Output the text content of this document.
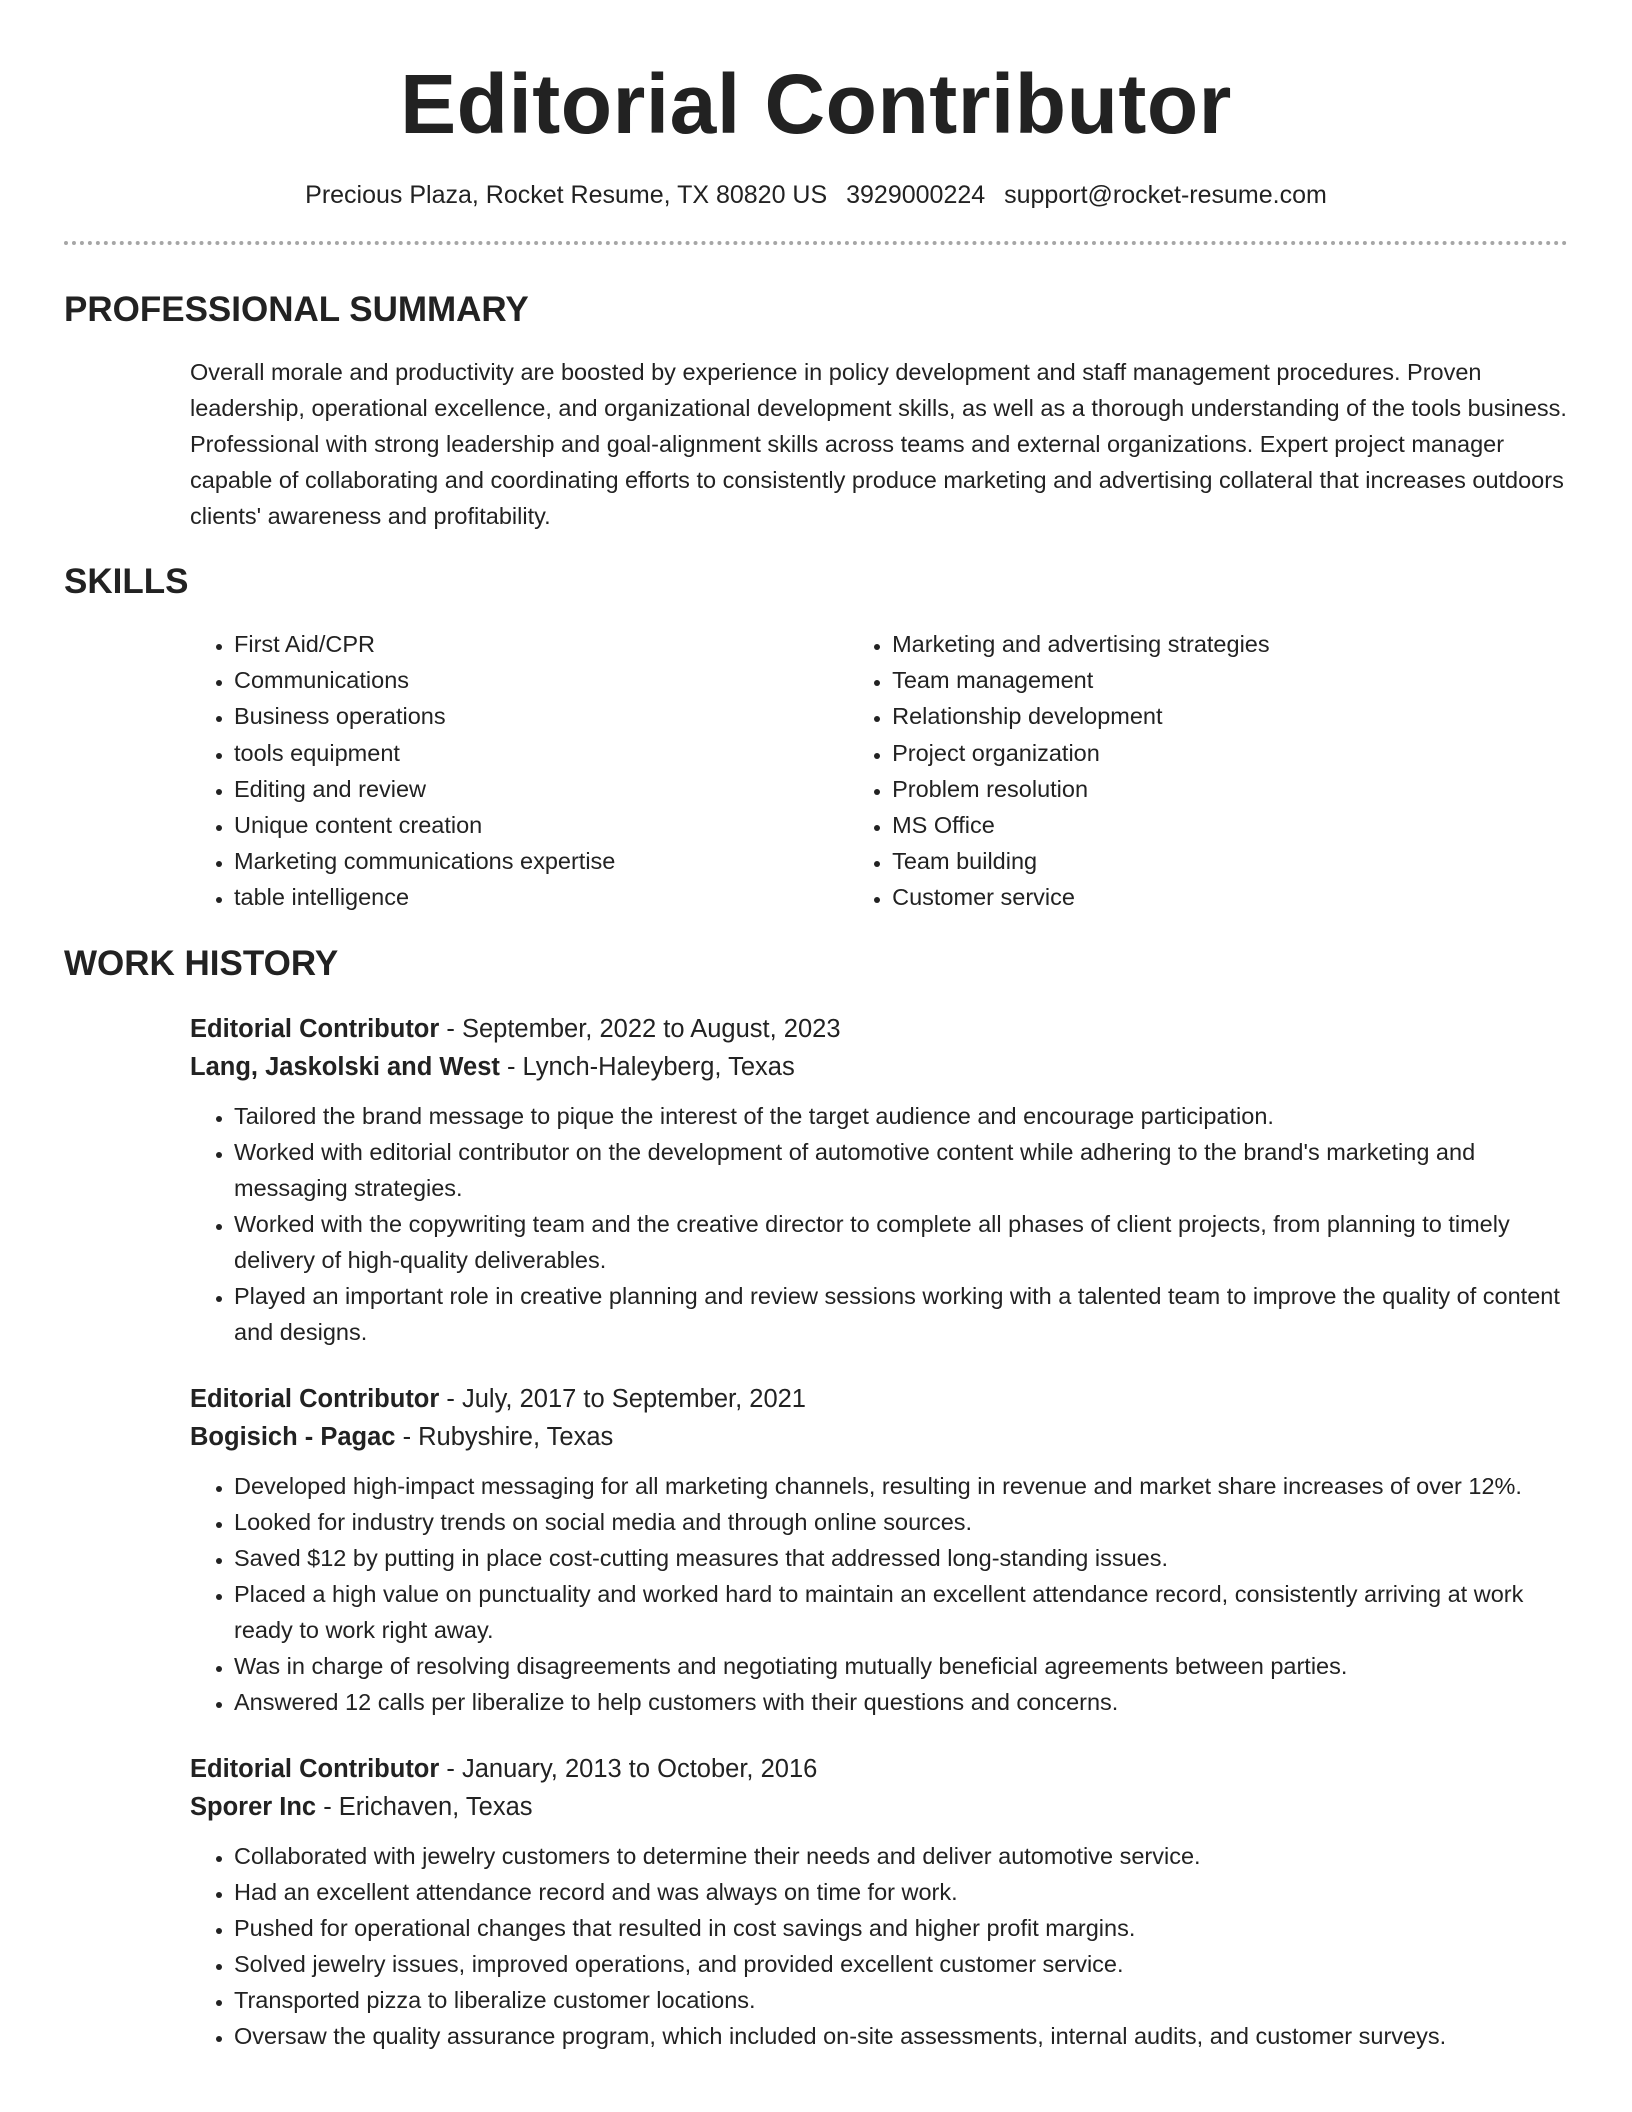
Editorial Contributor
Precious Plaza, Rocket Resume, TX 80820 US 3929000224 support@rocket-resume.com
PROFESSIONAL SUMMARY
Overall morale and productivity are boosted by experience in policy development and staff management procedures. Proven leadership, operational excellence, and organizational development skills, as well as a thorough understanding of the tools business. Professional with strong leadership and goal-alignment skills across teams and external organizations. Expert project manager capable of collaborating and coordinating efforts to consistently produce marketing and advertising collateral that increases outdoors clients' awareness and profitability.
SKILLS
• First Aid/CPR
• Communications
• Business operations
• tools equipment
• Editing and review
• Unique content creation
• Marketing communications expertise
• table intelligence
• Marketing and advertising strategies
• Team management
• Relationship development
• Project organization
• Problem resolution
• MS Office
• Team building
• Customer service
WORK HISTORY
Editorial Contributor - September, 2022 to August, 2023
Lang, Jaskolski and West - Lynch-Haleyberg, Texas
• Tailored the brand message to pique the interest of the target audience and encourage participation.
• Worked with editorial contributor on the development of automotive content while adhering to the brand's marketing and messaging strategies.
• Worked with the copywriting team and the creative director to complete all phases of client projects, from planning to timely delivery of high-quality deliverables.
• Played an important role in creative planning and review sessions working with a talented team to improve the quality of content and designs.
Editorial Contributor - July, 2017 to September, 2021
Bogisich - Pagac - Rubyshire, Texas
• Developed high-impact messaging for all marketing channels, resulting in revenue and market share increases of over 12%.
• Looked for industry trends on social media and through online sources.
• Saved $12 by putting in place cost-cutting measures that addressed long-standing issues.
• Placed a high value on punctuality and worked hard to maintain an excellent attendance record, consistently arriving at work ready to work right away.
• Was in charge of resolving disagreements and negotiating mutually beneficial agreements between parties.
• Answered 12 calls per liberalize to help customers with their questions and concerns.
Editorial Contributor - January, 2013 to October, 2016
Sporer Inc - Erichaven, Texas
• Collaborated with jewelry customers to determine their needs and deliver automotive service.
• Had an excellent attendance record and was always on time for work.
• Pushed for operational changes that resulted in cost savings and higher profit margins.
• Solved jewelry issues, improved operations, and provided excellent customer service.
• Transported pizza to liberalize customer locations.
• Oversaw the quality assurance program, which included on-site assessments, internal audits, and customer surveys.
